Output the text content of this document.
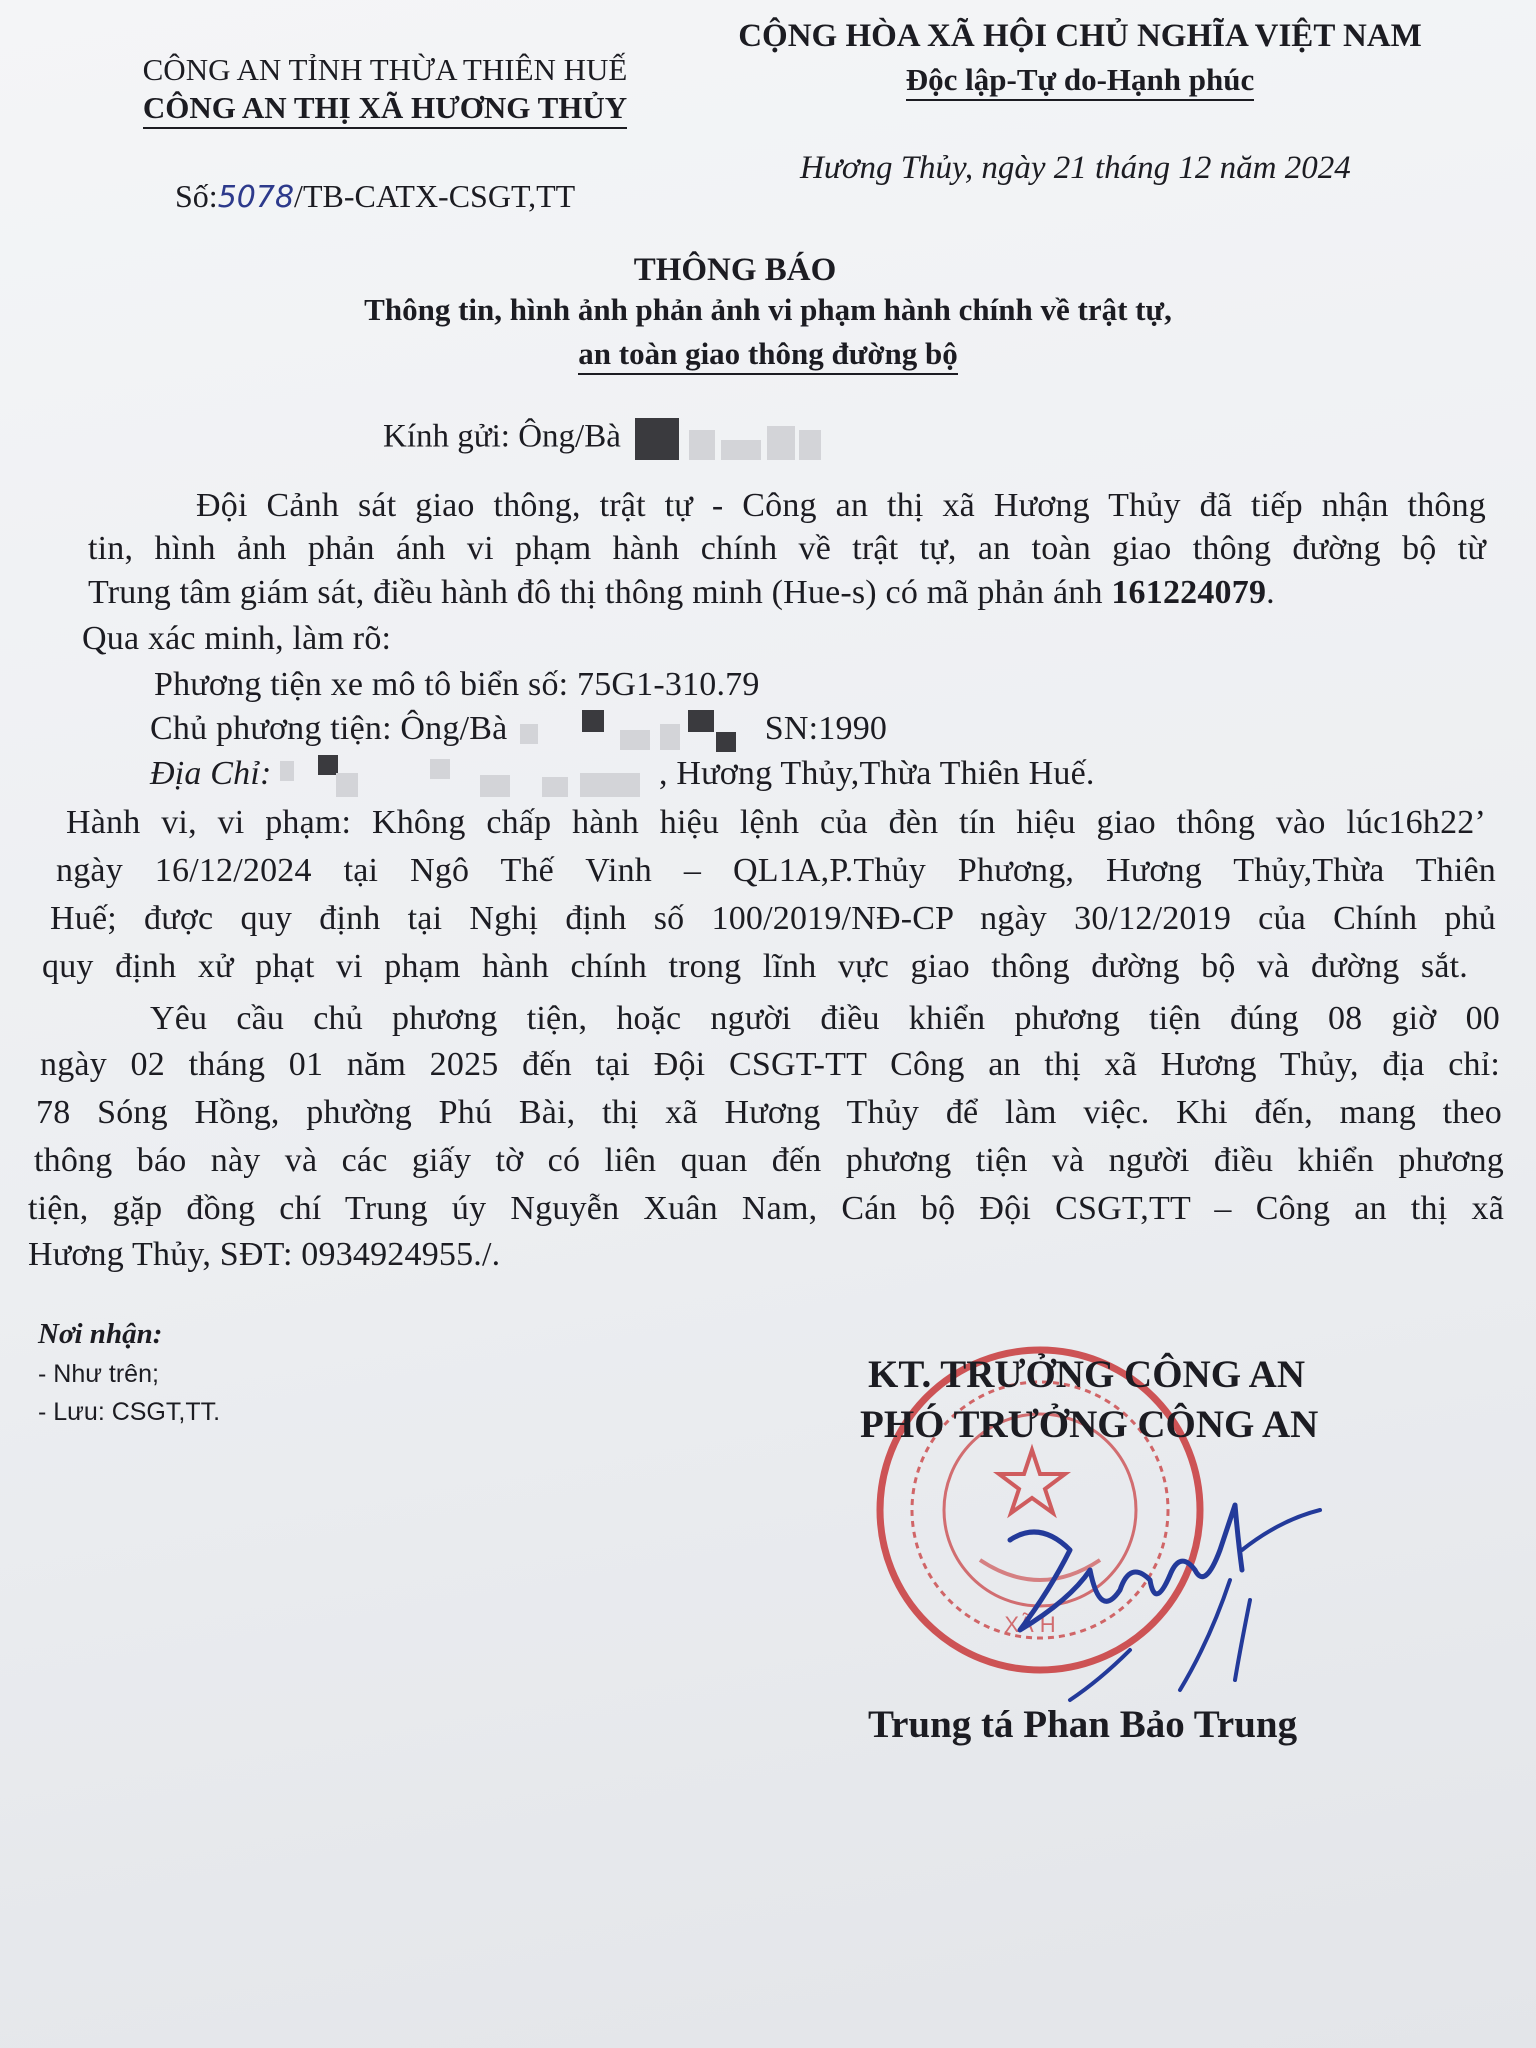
CÔNG AN TỈNH THỪA THIÊN HUẾ
CÔNG AN THỊ XÃ HƯƠNG THỦY
CỘNG HÒA XÃ HỘI CHỦ NGHĨA VIỆT NAM
Độc lập-Tự do-Hạnh phúc
Số:5078/TB-CATX-CSGT,TT
Hương Thủy, ngày 21 tháng 12 năm 2024
THÔNG BÁO
Thông tin, hình ảnh phản ảnh vi phạm hành chính về trật tự,
an toàn giao thông đường bộ
Kính gửi: Ông/Bà
Đội Cảnh sát giao thông, trật tự - Công an thị xã Hương Thủy đã tiếp nhận thông
tin, hình ảnh phản ánh vi phạm hành chính về trật tự, an toàn giao thông đường bộ từ
Trung tâm giám sát, điều hành đô thị thông minh (Hue-s) có mã phản ánh 161224079.
Qua xác minh, làm rõ:
Phương tiện xe mô tô biển số: 75G1-310.79
Chủ phương tiện: Ông/Bà	SN:1990
Địa Chỉ:	, Hương Thủy,Thừa Thiên Huế.
Hành vi, vi phạm: Không chấp hành hiệu lệnh của đèn tín hiệu giao thông vào lúc16h22’
ngày 16/12/2024 tại Ngô Thế Vinh – QL1A,P.Thủy Phương, Hương Thủy,Thừa Thiên
Huế; được quy định tại Nghị định số 100/2019/NĐ-CP ngày 30/12/2019 của Chính phủ
quy định xử phạt vi phạm hành chính trong lĩnh vực giao thông đường bộ và đường sắt.
Yêu cầu chủ phương tiện, hoặc người điều khiển phương tiện đúng 08 giờ 00
ngày 02 tháng 01 năm 2025 đến tại Đội CSGT-TT Công an thị xã Hương Thủy, địa chỉ:
78 Sóng Hồng, phường Phú Bài, thị xã Hương Thủy để làm việc. Khi đến, mang theo
thông báo này và các giấy tờ có liên quan đến phương tiện và người điều khiển phương
tiện, gặp đồng chí Trung úy Nguyễn Xuân Nam, Cán bộ Đội CSGT,TT – Công an thị xã
Hương Thủy, SĐT: 0934924955./.
Nơi nhận:
- Như trên;
- Lưu: CSGT,TT.
XÃ H
KT. TRƯỞNG CÔNG AN
PHÓ TRƯỞNG CÔNG AN
Trung tá Phan Bảo Trung
